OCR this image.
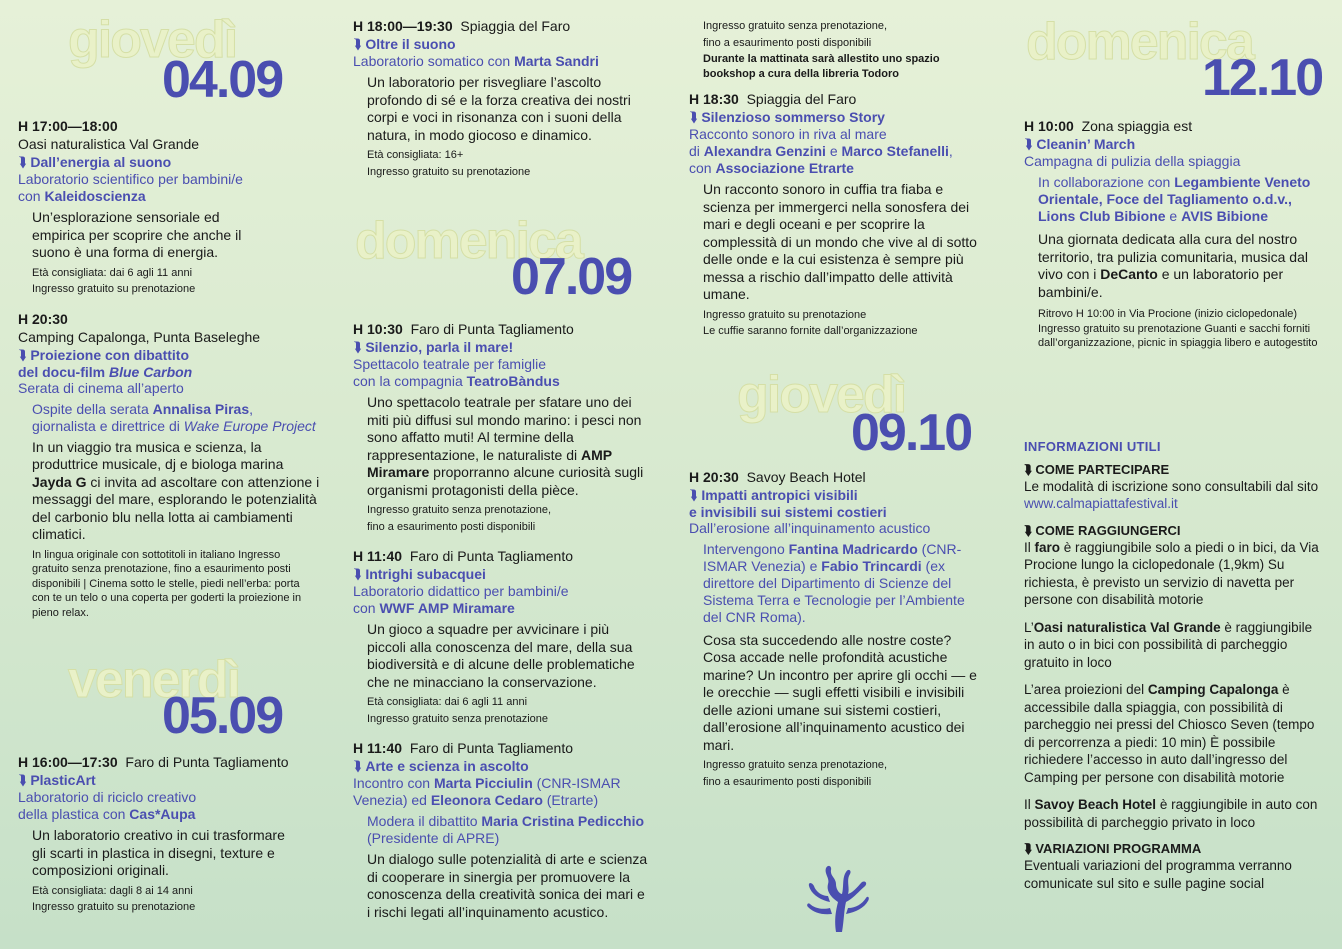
giovedì
04.09

H 17:00—18:00

Oasi naturalistica Val Grande

⮯ Dall’energia al suono

Laboratorio scientifico per bambini/e

con Kaleidoscienza

Un’esplorazione sensoriale ed empirica per scoprire che anche il suono è una forma di energia.

Età consigliata: dai 6 agli 11 anni

Ingresso gratuito su prenotazione

H 20:30

Camping Capalonga, Punta Baseleghe

⮯ Proiezione con dibattito

del docu-film Blue Carbon

Serata di cinema all’aperto

Ospite della serata Annalisa Piras,

giornalista e direttrice di Wake Europe Project

In un viaggio tra musica e scienza, la produttrice musicale, dj e biologa marina Jayda G ci invita ad ascoltare con attenzione i messaggi del mare, esplorando le potenzialità del carbonio blu nella lotta ai cambiamenti climatici.

In lingua originale con sottotitoli in italiano Ingresso gratuito senza prenotazione, fino a esaurimento posti disponibili | Cinema sotto le stelle, piedi nell’erba: porta con te un telo o una coperta per goderti la proiezione in pieno relax.

venerdì
05.09

H 16:00—17:30 Faro di Punta Tagliamento

⮯ PlasticArt

Laboratorio di riciclo creativo

della plastica con Cas*Aupa

Un laboratorio creativo in cui trasformare gli scarti in plastica in disegni, texture e composizioni originali.

Età consigliata: dagli 8 ai 14 anni

Ingresso gratuito su prenotazione

H 18:00—19:30 Spiaggia del Faro

⮯ Oltre il suono

Laboratorio somatico con Marta Sandri

Un laboratorio per risvegliare l’ascolto profondo di sé e la forza creativa dei nostri corpi e voci in risonanza con i suoni della natura, in modo giocoso e dinamico.

Età consigliata: 16+

Ingresso gratuito su prenotazione

domenica
07.09

H 10:30 Faro di Punta Tagliamento

⮯ Silenzio, parla il mare!

Spettacolo teatrale per famiglie

con la compagnia TeatroBàndus

Uno spettacolo teatrale per sfatare uno dei miti più diffusi sul mondo marino: i pesci non sono affatto muti! Al termine della rappresentazione, le naturaliste di AMP Miramare proporranno alcune curiosità sugli organismi protagonisti della pièce.

Ingresso gratuito senza prenotazione,

fino a esaurimento posti disponibili

H 11:40 Faro di Punta Tagliamento

⮯ Intrighi subacquei

Laboratorio didattico per bambini/e

con WWF AMP Miramare

Un gioco a squadre per avvicinare i più piccoli alla conoscenza del mare, della sua biodiversità e di alcune delle problematiche che ne minacciano la conservazione.

Età consigliata: dai 6 agli 11 anni

Ingresso gratuito senza prenotazione

H 11:40 Faro di Punta Tagliamento

⮯ Arte e scienza in ascolto

Incontro con Marta Picciulin (CNR-ISMAR

Venezia) ed Eleonora Cedaro (Etrarte)

Modera il dibattito Maria Cristina Pedicchio

(Presidente di APRE)

Un dialogo sulle potenzialità di arte e scienza di cooperare in sinergia per promuovere la conoscenza della creatività sonica dei mari e i rischi legati all’inquinamento acustico.

Ingresso gratuito senza prenotazione,

fino a esaurimento posti disponibili

Durante la mattinata sarà allestito uno spazio bookshop a cura della libreria Todoro

H 18:30 Spiaggia del Faro

⮯ Silenzioso sommerso Story

Racconto sonoro in riva al mare

di Alexandra Genzini e Marco Stefanelli,

con Associazione Etrarte

Un racconto sonoro in cuffia tra fiaba e scienza per immergerci nella sonosfera dei mari e degli oceani e per scoprire la complessità di un mondo che vive al di sotto delle onde e la cui esistenza è sempre più messa a rischio dall’impatto delle attività umane.

Ingresso gratuito su prenotazione

Le cuffie saranno fornite dall’organizzazione

giovedì
09.10

H 20:30 Savoy Beach Hotel

⮯ Impatti antropici visibili

e invisibili sui sistemi costieri

Dall’erosione all’inquinamento acustico

Intervengono Fantina Madricardo (CNR-ISMAR Venezia) e Fabio Trincardi (ex direttore del Dipartimento di Scienze del Sistema Terra e Tecnologie per l’Ambiente del CNR Roma).

Cosa sta succedendo alle nostre coste? Cosa accade nelle profondità acustiche marine? Un incontro per aprire gli occhi — e le orecchie — sugli effetti visibili e invisibili delle azioni umane sui sistemi costieri, dall’erosione all’inquinamento acustico dei mari.

Ingresso gratuito senza prenotazione,

fino a esaurimento posti disponibili

domenica
12.10

H 10:00 Zona spiaggia est

⮯ Cleanin’ March

Campagna di pulizia della spiaggia

In collaborazione con Legambiente Veneto Orientale, Foce del Tagliamento o.d.v., Lions Club Bibione e AVIS Bibione

Una giornata dedicata alla cura del nostro territorio, tra pulizia comunitaria, musica dal vivo con i DeCanto e un laboratorio per bambini/e.

Ritrovo H 10:00 in Via Procione (inizio ciclopedonale) Ingresso gratuito su prenotazione Guanti e sacchi forniti dall’organizzazione, picnic in spiaggia libero e autogestito

INFORMAZIONI UTILI

⮯ COME PARTECIPARE

Le modalità di iscrizione sono consultabili dal sito www.calmapiattafestival.it

⮯ COME RAGGIUNGERCI

Il faro è raggiungibile solo a piedi o in bici, da Via Procione lungo la ciclopedonale (1,9km) Su richiesta, è previsto un servizio di navetta per persone con disabilità motorie

L’Oasi naturalistica Val Grande è raggiungibile in auto o in bici con possibilità di parcheggio gratuito in loco

L’area proiezioni del Camping Capalonga è accessibile dalla spiaggia, con possibilità di parcheggio nei pressi del Chiosco Seven (tempo di percorrenza a piedi: 10 min) È possibile richiedere l’accesso in auto dall’ingresso del Camping per persone con disabilità motorie

Il Savoy Beach Hotel è raggiungibile in auto con possibilità di parcheggio privato in loco

⮯ VARIAZIONI PROGRAMMA

Eventuali variazioni del programma verranno comunicate sul sito e sulle pagine social
